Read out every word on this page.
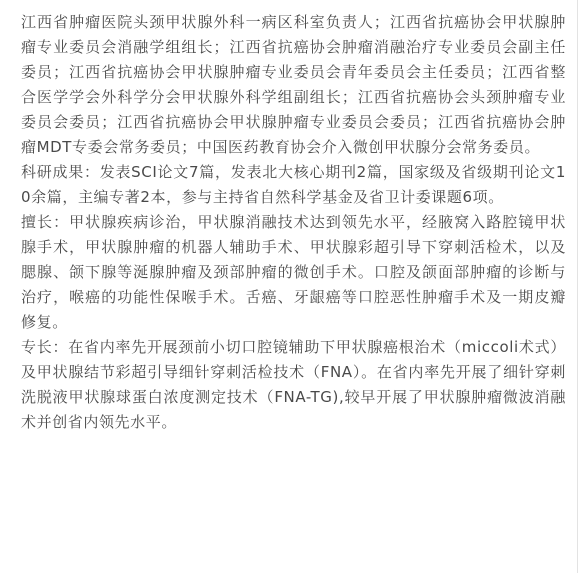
江西省肿瘤医院头颈甲状腺外科一病区科室负责人；江西省抗癌协会甲状腺肿瘤专业委员会消融学组组长；江西省抗癌协会肿瘤消融治疗专业委员会副主任委员；江西省抗癌协会甲状腺肿瘤专业委员会青年委员会主任委员；江西省整合医学学会外科学分会甲状腺外科学组副组长；江西省抗癌协会头颈肿瘤专业委员会委员；江西省抗癌协会甲状腺肿瘤专业委员会委员；江西省抗癌协会肿瘤MDT专委会常务委员；中国医药教育协会介入微创甲状腺分会常务委员。

科研成果：发表SCI论文7篇，发表北大核心期刊2篇，国家级及省级期刊论文10余篇，主编专著2本，参与主持省自然科学基金及省卫计委课题6项。

擅长：甲状腺疾病诊治，甲状腺消融技术达到领先水平，经腋窝入路腔镜甲状腺手术，甲状腺肿瘤的机器人辅助手术、甲状腺彩超引导下穿刺活检术，以及腮腺、颌下腺等涎腺肿瘤及颈部肿瘤的微创手术。口腔及颌面部肿瘤的诊断与治疗，喉癌的功能性保喉手术。舌癌、牙龈癌等口腔恶性肿瘤手术及一期皮瓣修复。

专长：在省内率先开展颈前小切口腔镜辅助下甲状腺癌根治术（miccoli术式）及甲状腺结节彩超引导细针穿刺活检技术（FNA）。在省内率先开展了细针穿刺洗脱液甲状腺球蛋白浓度测定技术（FNA-TG),较早开展了甲状腺肿瘤微波消融术并创省内领先水平。
